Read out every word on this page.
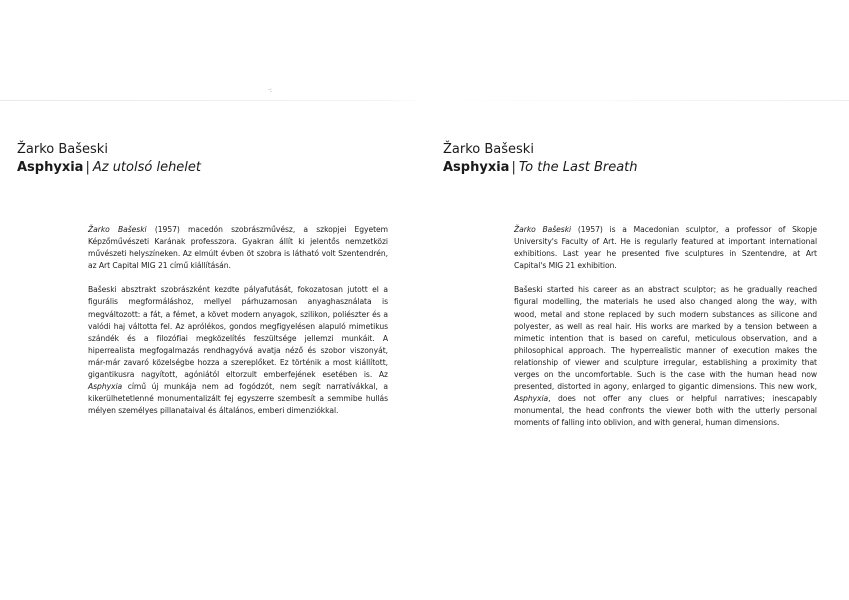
·:
Žarko Bašeski
Asphyxia | Az utolsó lehelet

Žarko Bašeski (1957) macedón szobrászművész, a szkopjei Egyetem Képzőművészeti Karának professzora. Gyakran állít ki jelentős nemzetközi művészeti helyszíneken. Az elmúlt évben öt szobra is látható volt Szentendrén, az Art Capital MIG 21 című kiállításán.

Bašeski absztrakt szobrászként kezdte pályafutását, fokozatosan jutott el a figurális megformáláshoz, mellyel párhuzamosan anyaghasználata is megváltozott: a fát, a fémet, a követ modern anyagok, szilikon, poliészter és a valódi haj váltotta fel. Az aprólékos, gondos megfigyelésen alapuló mimetikus szándék és a filozófiai megközelítés feszültsége jellemzi munkáit. A hiperrealista megfogalmazás rendhagyóvá avatja néző és szobor viszonyát, már-már zavaró közelségbe hozza a szereplőket. Ez történik a most kiállított, gigantikusra nagyított, agóniától eltorzult emberfejének esetében is. Az Asphyxia című új munkája nem ad fogódzót, nem segít narratívákkal, a kikerülhetetlenné monumentalizált fej egyszerre szembesít a semmibe hullás mélyen személyes pillanataival és általános, emberi dimenziókkal.

Žarko Bašeski
Asphyxia | To the Last Breath

Žarko Bašeski (1957) is a Macedonian sculptor, a professor of Skopje University's Faculty of Art. He is regularly featured at important international exhibitions. Last year he presented five sculptures in Szentendre, at Art Capital's MIG 21 exhibition.

Bašeski started his career as an abstract sculptor; as he gradually reached figural modelling, the materials he used also changed along the way, with wood, metal and stone replaced by such modern substances as silicone and polyester, as well as real hair. His works are marked by a tension between a mimetic intention that is based on careful, meticulous observation, and a philosophical approach. The hyperrealistic manner of execution makes the relationship of viewer and sculpture irregular, establishing a proximity that verges on the uncomfortable. Such is the case with the human head now presented, distorted in agony, enlarged to gigantic dimensions. This new work, Asphyxia, does not offer any clues or helpful narratives; inescapably monumental, the head confronts the viewer both with the utterly personal moments of falling into oblivion, and with general, human dimensions.
